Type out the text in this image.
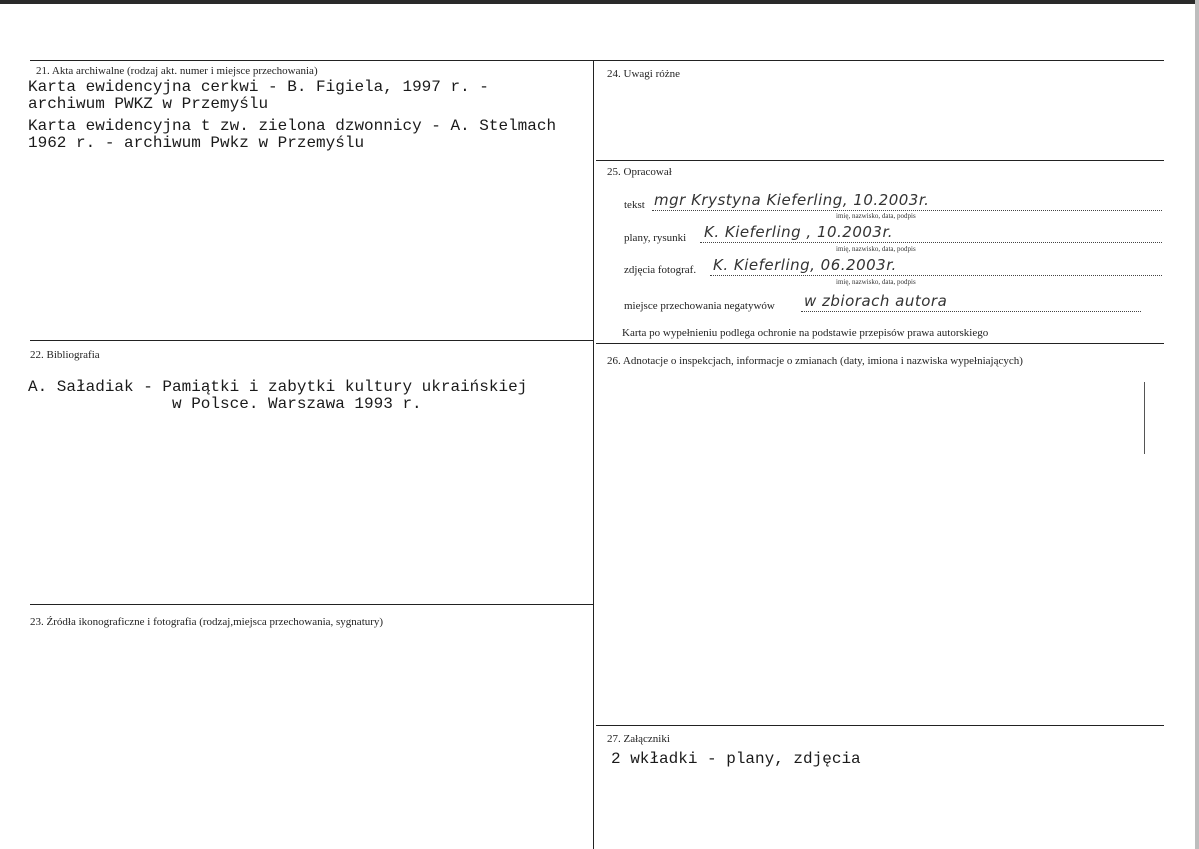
21. Akta archiwalne (rodzaj akt. numer i miejsce przechowania)
Karta ewidencyjna cerkwi - B. Figiela, 1997 r. -
archiwum PWKZ w Przemyślu
Karta ewidencyjna t zw. zielona dzwonnicy - A. Stelmach
1962 r. - archiwum Pwkz w Przemyślu
22. Bibliografia
A. Saładiak - Pamiątki i zabytki kultury ukraińskiej
w Polsce. Warszawa 1993 r.
23. Źródła ikonograficzne i fotografia (rodzaj,miejsca przechowania, sygnatury)
24. Uwagi różne
25. Opracował
tekst mgr Krystyna Kieferling, 10.2003r.
imię, nazwisko, data, podpis
plany, rysunki K. Kieferling , 10.2003r.
imię, nazwisko, data, podpis
zdjęcia fotograf. K. Kieferling, 06.2003r.
imię, nazwisko, data, podpis
miejsce przechowania negatywów w zbiorach autora
Karta po wypełnieniu podlega ochronie na podstawie przepisów prawa autorskiego
26. Adnotacje o inspekcjach, informacje o zmianach (daty, imiona i nazwiska wypełniających)
27. Załączniki
2 wkładki - plany, zdjęcia
